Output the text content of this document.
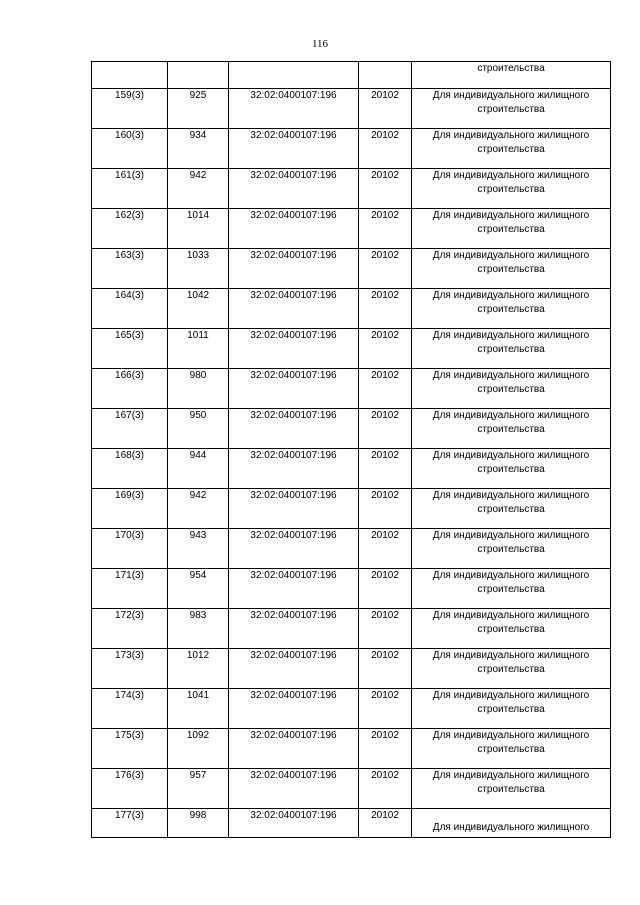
116

				строительства

159(3)	925	32:02:0400107:196	20102	Для индивидуального жилищного
строительства

160(3)	934	32:02:0400107:196	20102	Для индивидуального жилищного
строительства

161(3)	942	32:02:0400107:196	20102	Для индивидуального жилищного
строительства

162(3)	1014	32:02:0400107:196	20102	Для индивидуального жилищного
строительства

163(3)	1033	32:02:0400107:196	20102	Для индивидуального жилищного
строительства

164(3)	1042	32:02:0400107:196	20102	Для индивидуального жилищного
строительства

165(3)	1011	32:02:0400107:196	20102	Для индивидуального жилищного
строительства

166(3)	980	32:02:0400107:196	20102	Для индивидуального жилищного
строительства

167(3)	950	32:02:0400107:196	20102	Для индивидуального жилищного
строительства

168(3)	944	32:02:0400107:196	20102	Для индивидуального жилищного
строительства

169(3)	942	32:02:0400107:196	20102	Для индивидуального жилищного
строительства

170(3)	943	32:02:0400107:196	20102	Для индивидуального жилищного
строительства

171(3)	954	32:02:0400107:196	20102	Для индивидуального жилищного
строительства

172(3)	983	32:02:0400107:196	20102	Для индивидуального жилищного
строительства

173(3)	1012	32:02:0400107:196	20102	Для индивидуального жилищного
строительства

174(3)	1041	32:02:0400107:196	20102	Для индивидуального жилищного
строительства

175(3)	1092	32:02:0400107:196	20102	Для индивидуального жилищного
строительства

176(3)	957	32:02:0400107:196	20102	Для индивидуального жилищного
строительства

177(3)	998	32:02:0400107:196	20102	Для индивидуального жилищного
